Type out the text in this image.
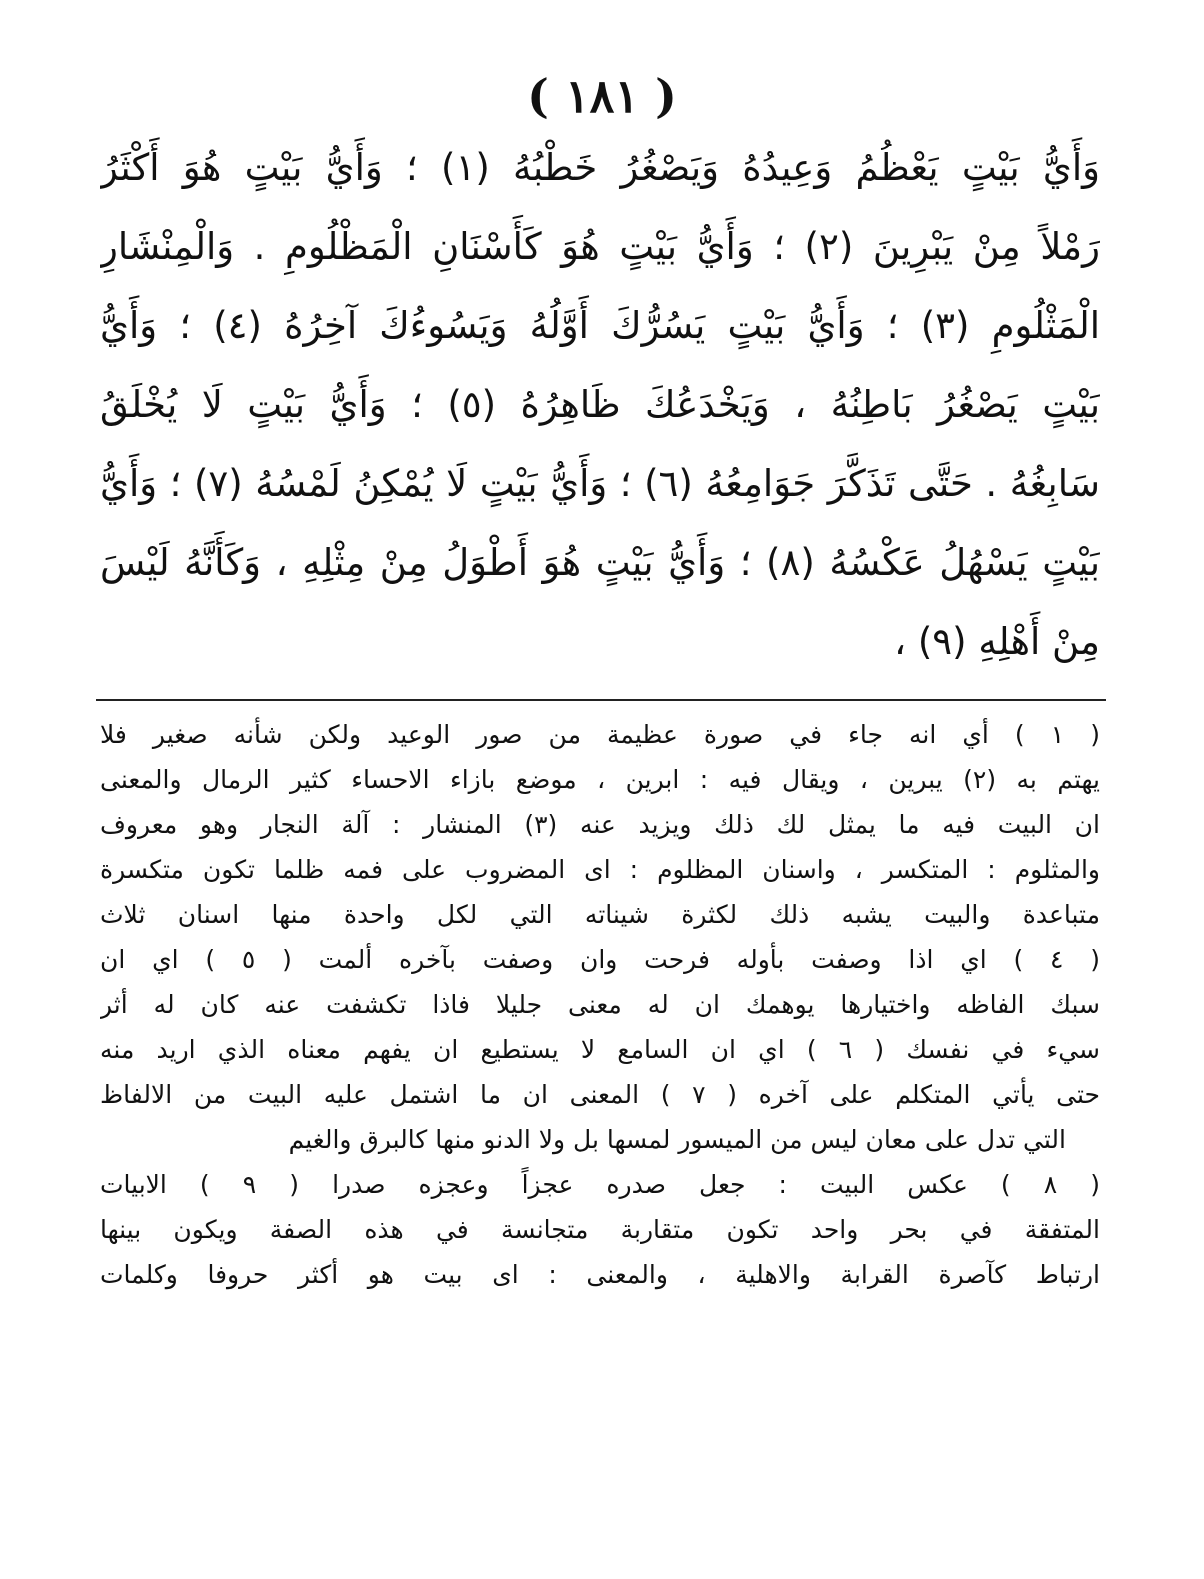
( ١٨١ )
وَأَيُّ بَيْتٍ يَعْظُمُ وَعِيدُهُ وَيَصْغُرُ خَطْبُهُ (١) ؛ وَأَيُّ بَيْتٍ هُوَ أَكْثَرُ
رَمْلاً مِنْ يَبْرِينَ (٢) ؛ وَأَيُّ بَيْتٍ هُوَ كَأَسْنَانِ الْمَظْلُومِ . وَالْمِنْشَارِ
الْمَثْلُومِ (٣) ؛ وَأَيُّ بَيْتٍ يَسُرُّكَ أَوَّلُهُ وَيَسُوءُكَ آخِرُهُ (٤) ؛ وَأَيُّ
بَيْتٍ يَصْغُرُ بَاطِنُهُ ، وَيَخْدَعُكَ ظَاهِرُهُ (٥) ؛ وَأَيُّ بَيْتٍ لَا يُخْلَقُ
سَابِغُهُ . حَتَّى تَذَكَّرَ جَوَامِعُهُ (٦) ؛ وَأَيُّ بَيْتٍ لَا يُمْكِنُ لَمْسُهُ (٧) ؛ وَأَيُّ
بَيْتٍ يَسْهُلُ عَكْسُهُ (٨) ؛ وَأَيُّ بَيْتٍ هُوَ أَطْوَلُ مِنْ مِثْلِهِ ، وَكَأَنَّهُ لَيْسَ
مِنْ أَهْلِهِ (٩) ،
( ١ ) أي انه جاء في صورة عظيمة من صور الوعيد ولكن شأنه صغير فلا
يهتم به (٢) يبرين ، ويقال فيه : ابرين ، موضع بازاء الاحساء كثير الرمال والمعنى
ان البيت فيه ما يمثل لك ذلك ويزيد عنه (٣) المنشار : آلة النجار وهو معروف
والمثلوم : المتكسر ، واسنان المظلوم : اى المضروب على فمه ظلما تكون متكسرة
متباعدة والبيت يشبه ذلك لكثرة شيناته التي لكل واحدة منها اسنان ثلاث
( ٤ ) اي اذا وصفت بأوله فرحت وان وصفت بآخره ألمت ( ٥ ) اي ان
سبك الفاظه واختيارها يوهمك ان له معنى جليلا فاذا تكشفت عنه كان له أثر
سيء في نفسك ( ٦ ) اي ان السامع لا يستطيع ان يفهم معناه الذي اريد منه
حتى يأتي المتكلم على آخره ( ٧ ) المعنى ان ما اشتمل عليه البيت من الالفاظ
التي تدل على معان ليس من الميسور لمسها بل ولا الدنو منها كالبرق والغيم
( ٨ ) عكس البيت : جعل صدره عجزاً وعجزه صدرا ( ٩ ) الابيات
المتفقة في بحر واحد تكون متقاربة متجانسة في هذه الصفة ويكون بينها
ارتباط كآصرة القرابة والاهلية ، والمعنى : اى بيت هو أكثر حروفا وكلمات
